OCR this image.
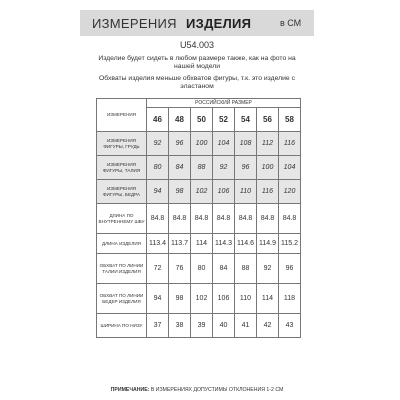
ИЗМЕРЕНИЯ ИЗДЕЛИЯ	в СМ
U54.003
Изделие будет сидеть в любом размере также, как на фото на нашей модели
Обхваты изделия меньше обхватов фигуры, т.к. это изделие с эластаном
ИЗМЕРЕНИЯ	РОССИЙСКИЙ РАЗМЕР						
	46	48	50	52	54	56	58
ИЗМЕРЕНИЯ ФИГУРЫ, ГРУДЬ	92	96	100	104	108	112	116
ИЗМЕРЕНИЯ ФИГУРЫ, ТАЛИЯ	80	84	88	92	96	100	104
ИЗМЕРЕНИЯ ФИГУРЫ, БЕДРА	94	98	102	106	110	116	120
ДЛИНА ПО ВНУТРЕННЕМУ ШВУ	84.8	84.8	84.8	84.8	84.8	84.8	84.8
ДЛИНА ИЗДЕЛИЯ	113.4	113.7	114	114.3	114.6	114.9	115.2
ОБХВАТ ПО ЛИНИИ ТАЛИИ ИЗДЕЛИЯ	72	76	80	84	88	92	96
ОБХВАТ ПО ЛИНИИ БЕДЕР ИЗДЕЛИЯ	94	98	102	106	110	114	118
ШИРИНА ПО НИЗУ	37	38	39	40	41	42	43
ПРИМЕЧАНИЕ: В ИЗМЕРЕНИЯХ ДОПУСТИМЫ ОТКЛОНЕНИЯ 1-2 СМ
